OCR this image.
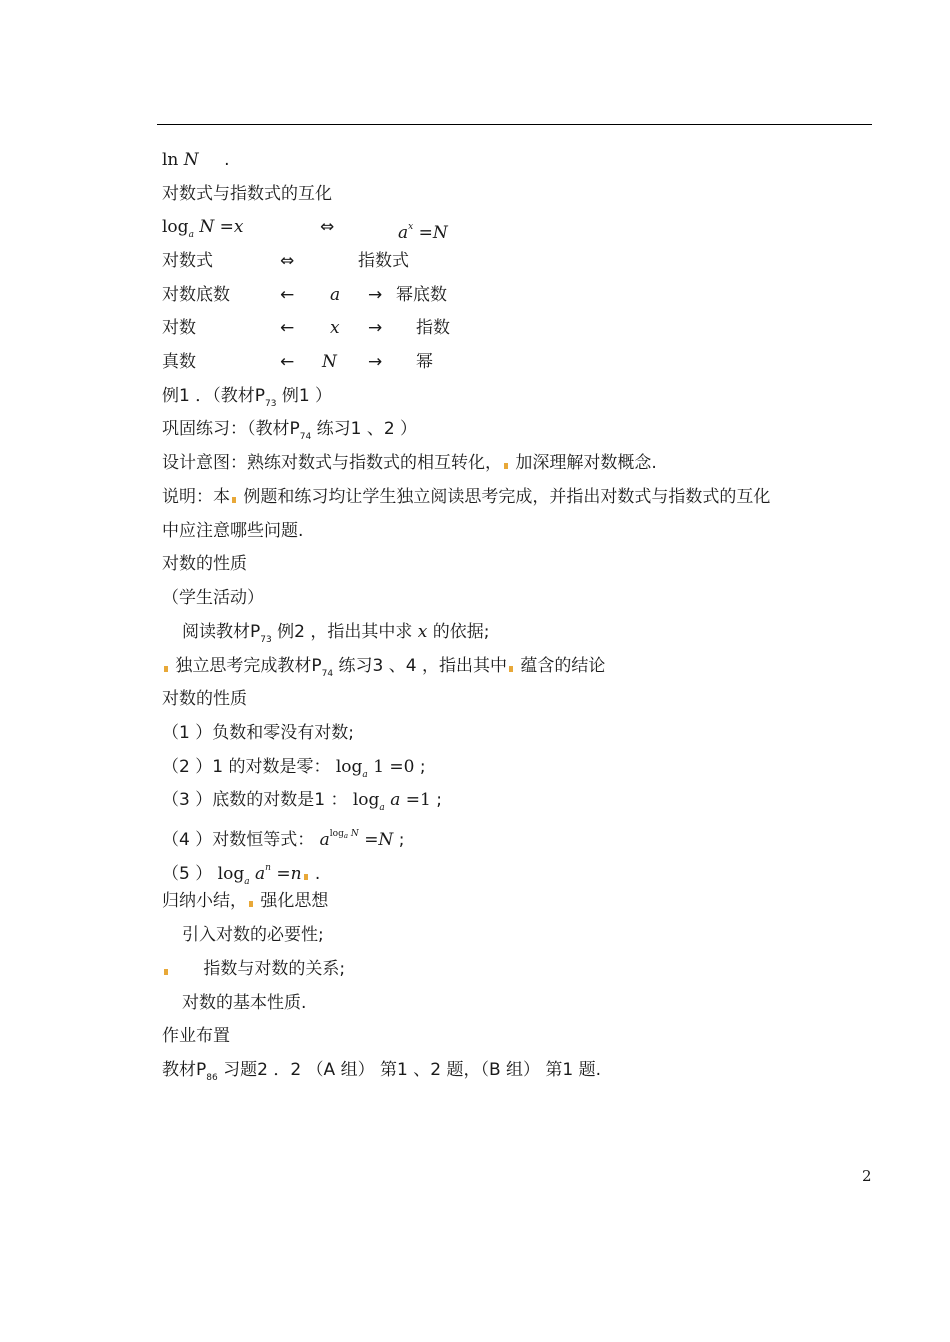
ln N .
对数式与指数式的互化
$\log_a N =x$	⇔	$a^x =N$
对数式	⇔	指数式
对数底数	← a → 幂底数
对数	← x → 指数
真数	← N → 幂
例1 ．（教材$P_{73}$ 例1 ）
巩固练习：（教材$P_{74}$ 练习1 、2 ）
设计意图：熟练对数式与指数式的相互转化， 加深理解对数概念.
说明：本 例题和练习均让学生独立阅读思考完成，并指出对数式与指数式的互化
中应注意哪些问题.
对数的性质
（学生活动）
阅读教材$P_{73}$ 例2 ，指出其中求 x 的依据;
独立思考完成教材$P_{74}$ 练习3 、4 ，指出其中 蕴含的结论
对数的性质
（1 ）负数和零没有对数;
（2 ）1 的对数是零： $\log_a 1 =0$ ;
（3 ）底数的对数是1 ： $\log_a a =1$ ;
（4 ）对数恒等式： a$^{log_a N}$ =N ;
（5 ） $\log_a a^n =n$ .
归纳小结， 强化思想
引入对数的必要性;
指数与对数的关系;
对数的基本性质.
作业布置
教材$P_{86}$ 习题2 ．2 （A 组） 第1 、2 题，（B 组） 第1 题.
2
